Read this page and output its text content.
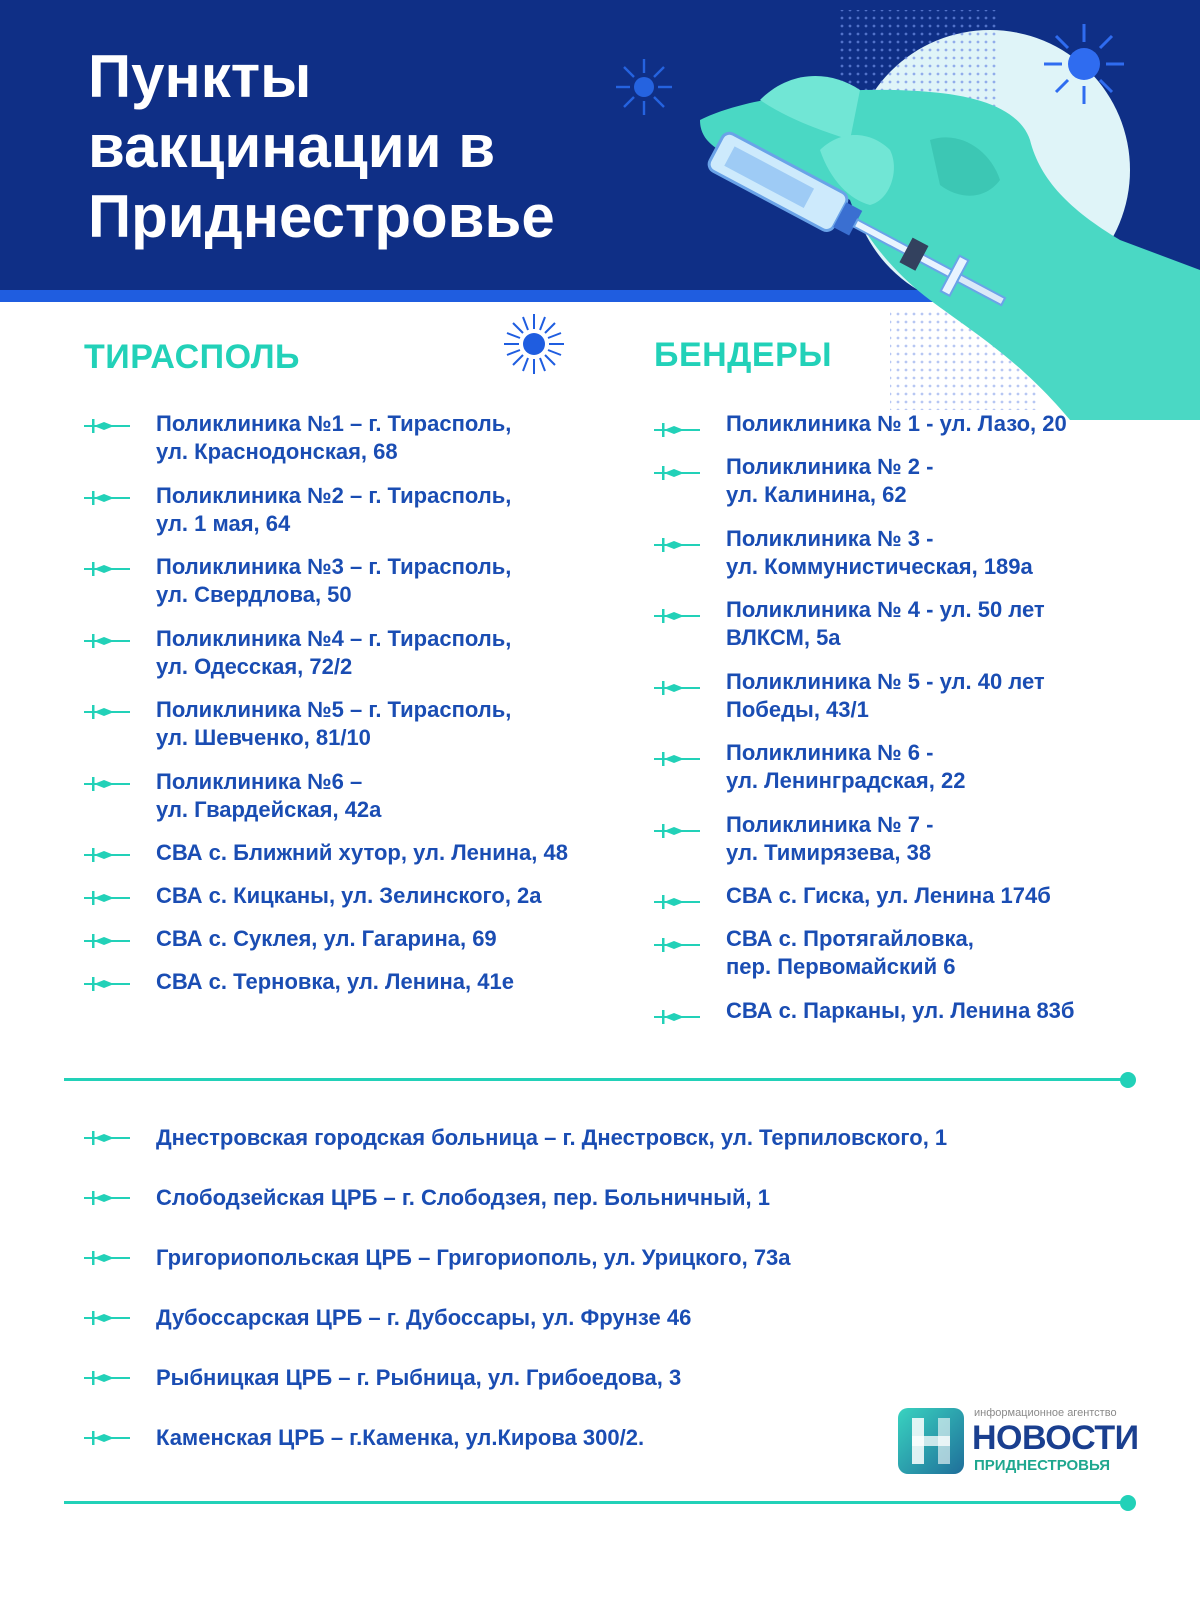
Пункты
вакцинации в
Приднестровье
ТИРАСПОЛЬ
Поликлиника №1 – г. Тирасполь,
ул. Краснодонская, 68
Поликлиника №2 – г. Тирасполь,
ул. 1 мая, 64
Поликлиника №3 – г. Тирасполь,
ул. Свердлова, 50
Поликлиника №4 – г. Тирасполь,
ул. Одесская, 72/2
Поликлиника №5 – г. Тирасполь,
ул. Шевченко, 81/10
Поликлиника №6 –
ул. Гвардейская, 42а
СВА с. Ближний хутор, ул. Ленина, 48
СВА с. Кицканы, ул. Зелинского, 2а
СВА с. Суклея, ул. Гагарина, 69
СВА с. Терновка, ул. Ленина, 41е
БЕНДЕРЫ
Поликлиника № 1 - ул. Лазо, 20
Поликлиника № 2 -
ул. Калинина, 62
Поликлиника № 3 -
ул. Коммунистическая, 189а
Поликлиника № 4 - ул. 50 лет
ВЛКСМ, 5а
Поликлиника № 5 - ул. 40 лет
Победы, 43/1
Поликлиника № 6 -
ул. Ленинградская, 22
Поликлиника № 7 -
ул. Тимирязева, 38
СВА с. Гиска, ул. Ленина 174б
СВА с. Протягайловка,
пер. Первомайский 6
СВА с. Парканы, ул. Ленина 83б
Днестровская городская больница – г. Днестровск, ул. Терпиловского, 1
Слободзейская ЦРБ – г. Слободзея, пер. Больничный, 1
Григориопольская ЦРБ – Григориополь, ул. Урицкого, 73а
Дубоссарская ЦРБ – г. Дубоссары, ул. Фрунзе 46
Рыбницкая ЦРБ – г. Рыбница, ул. Грибоедова, 3
Каменская ЦРБ – г.Каменка, ул.Кирова 300/2.
информационное агентство
НОВОСТИ
ПРИДНЕСТРОВЬЯ
